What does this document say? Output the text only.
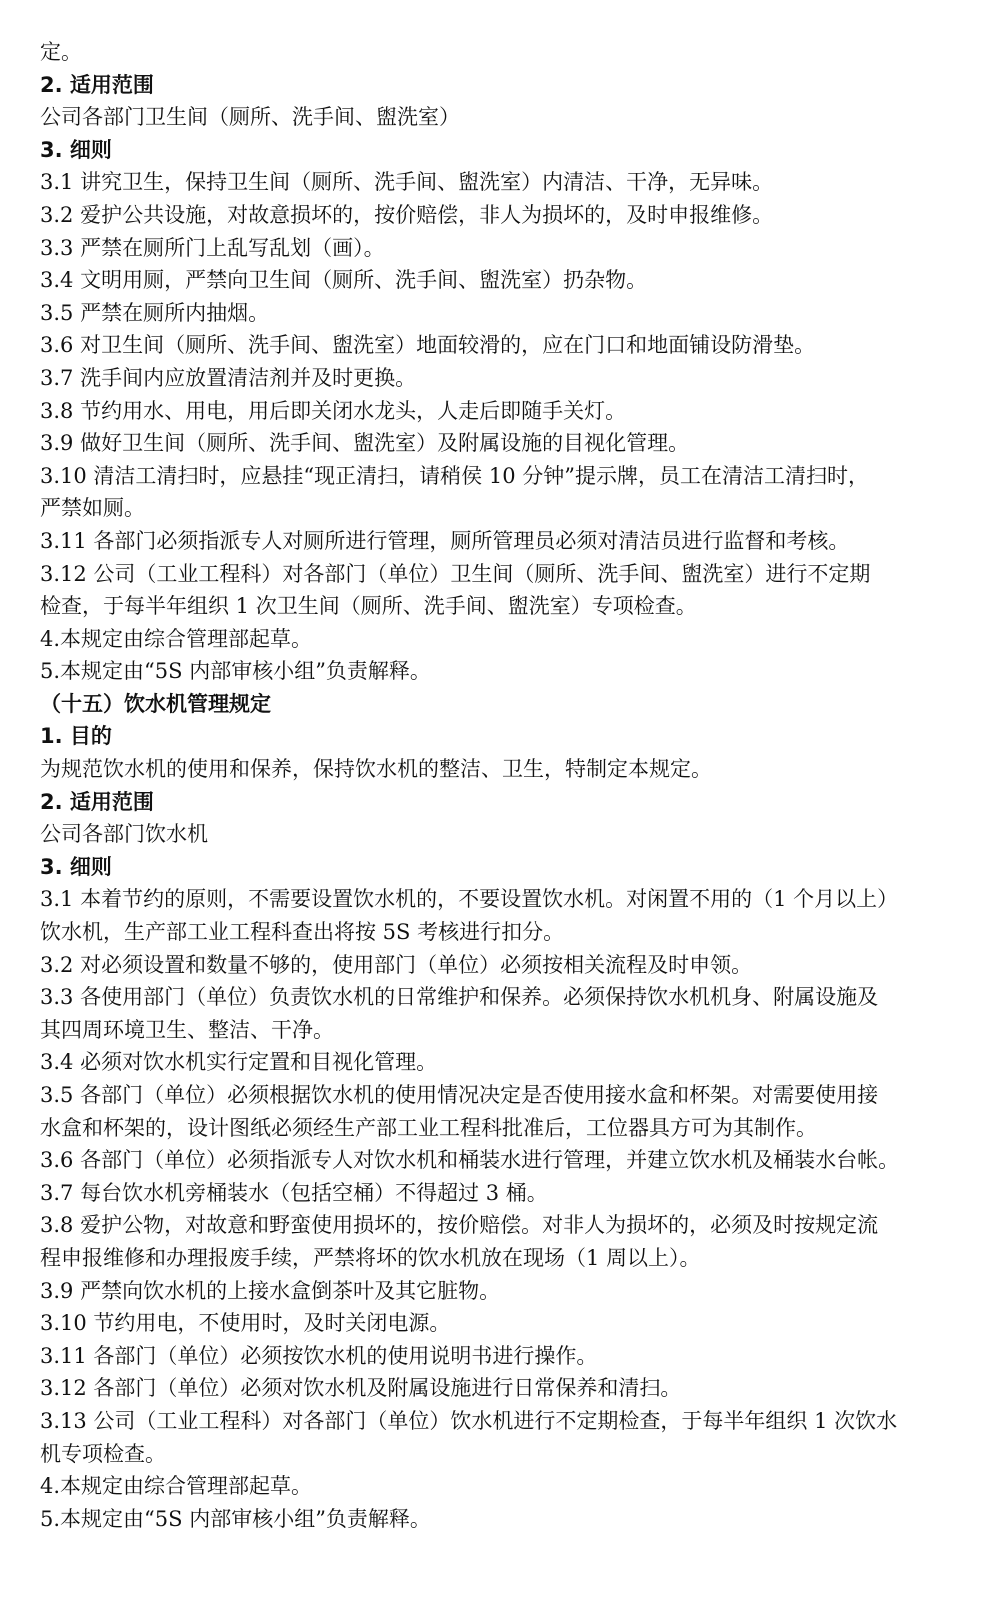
定。

2. 适用范围

公司各部门卫生间（厕所、洗手间、盥洗室）

3. 细则

3.1 讲究卫生，保持卫生间（厕所、洗手间、盥洗室）内清洁、干净，无异味。

3.2 爱护公共设施，对故意损坏的，按价赔偿，非人为损坏的，及时申报维修。

3.3 严禁在厕所门上乱写乱划（画）。

3.4 文明用厕，严禁向卫生间（厕所、洗手间、盥洗室）扔杂物。

3.5 严禁在厕所内抽烟。

3.6 对卫生间（厕所、洗手间、盥洗室）地面较滑的，应在门口和地面铺设防滑垫。

3.7 洗手间内应放置清洁剂并及时更换。

3.8 节约用水、用电，用后即关闭水龙头，人走后即随手关灯。

3.9 做好卫生间（厕所、洗手间、盥洗室）及附属设施的目视化管理。

3.10 清洁工清扫时，应悬挂“现正清扫，请稍侯 10 分钟”提示牌，员工在清洁工清扫时，

严禁如厕。

3.11 各部门必须指派专人对厕所进行管理，厕所管理员必须对清洁员进行监督和考核。

3.12 公司（工业工程科）对各部门（单位）卫生间（厕所、洗手间、盥洗室）进行不定期

检查，于每半年组织 1 次卫生间（厕所、洗手间、盥洗室）专项检查。

4.本规定由综合管理部起草。

5.本规定由“5S 内部审核小组”负责解释。

（十五）饮水机管理规定

1. 目的

为规范饮水机的使用和保养，保持饮水机的整洁、卫生，特制定本规定。

2. 适用范围

公司各部门饮水机

3. 细则

3.1 本着节约的原则，不需要设置饮水机的，不要设置饮水机。对闲置不用的（1 个月以上）

饮水机，生产部工业工程科查出将按 5S 考核进行扣分。

3.2 对必须设置和数量不够的，使用部门（单位）必须按相关流程及时申领。

3.3 各使用部门（单位）负责饮水机的日常维护和保养。必须保持饮水机机身、附属设施及

其四周环境卫生、整洁、干净。

3.4 必须对饮水机实行定置和目视化管理。

3.5 各部门（单位）必须根据饮水机的使用情况决定是否使用接水盒和杯架。对需要使用接

水盒和杯架的，设计图纸必须经生产部工业工程科批准后，工位器具方可为其制作。

3.6 各部门（单位）必须指派专人对饮水机和桶装水进行管理，并建立饮水机及桶装水台帐。

3.7 每台饮水机旁桶装水（包括空桶）不得超过 3 桶。

3.8 爱护公物，对故意和野蛮使用损坏的，按价赔偿。对非人为损坏的，必须及时按规定流

程申报维修和办理报废手续，严禁将坏的饮水机放在现场（1 周以上）。

3.9 严禁向饮水机的上接水盒倒茶叶及其它脏物。

3.10 节约用电，不使用时，及时关闭电源。

3.11 各部门（单位）必须按饮水机的使用说明书进行操作。

3.12 各部门（单位）必须对饮水机及附属设施进行日常保养和清扫。

3.13 公司（工业工程科）对各部门（单位）饮水机进行不定期检查，于每半年组织 1 次饮水

机专项检查。

4.本规定由综合管理部起草。

5.本规定由“5S 内部审核小组”负责解释。
